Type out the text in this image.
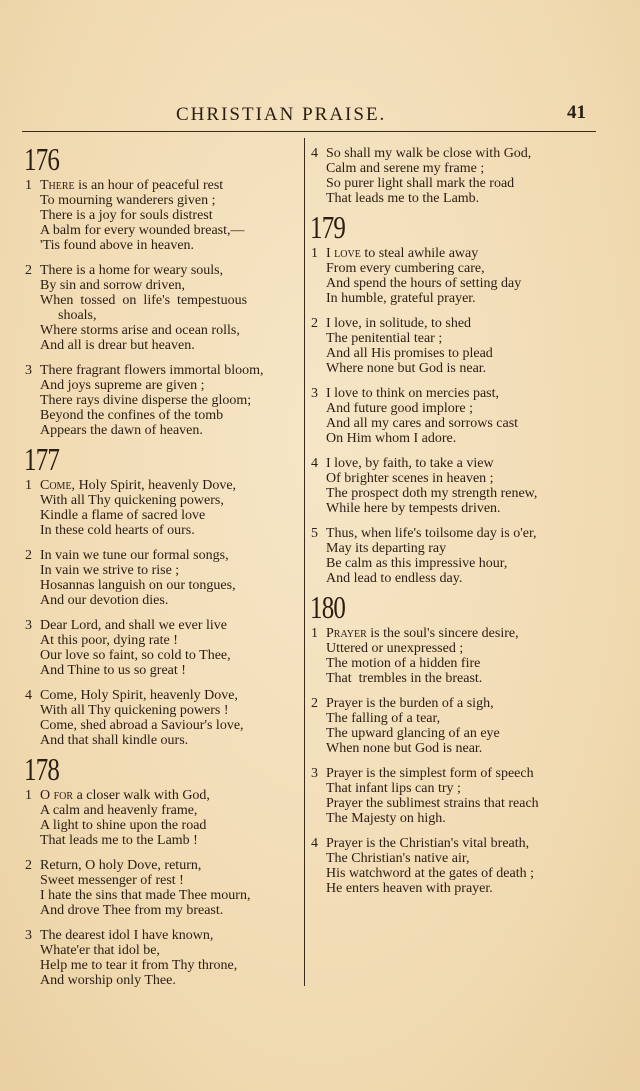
CHRISTIAN PRAISE.	41
176
1 There is an hour of peaceful rest
To mourning wanderers given ;
There is a joy for souls distrest
A balm for every wounded breast,—
'Tis found above in heaven.
2 There is a home for weary souls,
By sin and sorrow driven,
When  tossed  on  life's  tempestuous
shoals,
Where storms arise and ocean rolls,
And all is drear but heaven.
3 There fragrant flowers immortal bloom,
And joys supreme are given ;
There rays divine disperse the gloom;
Beyond the confines of the tomb
Appears the dawn of heaven.
177
1 Come, Holy Spirit, heavenly Dove,
With all Thy quickening powers,
Kindle a flame of sacred love
In these cold hearts of ours.
2 In vain we tune our formal songs,
In vain we strive to rise ;
Hosannas languish on our tongues,
And our devotion dies.
3 Dear Lord, and shall we ever live
At this poor, dying rate !
Our love so faint, so cold to Thee,
And Thine to us so great !
4 Come, Holy Spirit, heavenly Dove,
With all Thy quickening powers !
Come, shed abroad a Saviour's love,
And that shall kindle ours.
178
1 O for a closer walk with God,
A calm and heavenly frame,
A light to shine upon the road
That leads me to the Lamb !
2 Return, O holy Dove, return,
Sweet messenger of rest !
I hate the sins that made Thee mourn,
And drove Thee from my breast.
3 The dearest idol I have known,
Whate'er that idol be,
Help me to tear it from Thy throne,
And worship only Thee.
4 So shall my walk be close with God,
Calm and serene my frame ;
So purer light shall mark the road
That leads me to the Lamb.
179
1 I love to steal awhile away
From every cumbering care,
And spend the hours of setting day
In humble, grateful prayer.
2 I love, in solitude, to shed
The penitential tear ;
And all His promises to plead
Where none but God is near.
3 I love to think on mercies past,
And future good implore ;
And all my cares and sorrows cast
On Him whom I adore.
4 I love, by faith, to take a view
Of brighter scenes in heaven ;
The prospect doth my strength renew,
While here by tempests driven.
5 Thus, when life's toilsome day is o'er,
May its departing ray
Be calm as this impressive hour,
And lead to endless day.
180
1 Prayer is the soul's sincere desire,
Uttered or unexpressed ;
The motion of a hidden fire
That  trembles in the breast.
2 Prayer is the burden of a sigh,
The falling of a tear,
The upward glancing of an eye
When none but God is near.
3 Prayer is the simplest form of speech
That infant lips can try ;
Prayer the sublimest strains that reach
The Majesty on high.
4 Prayer is the Christian's vital breath,
The Christian's native air,
His watchword at the gates of death ;
He enters heaven with prayer.
